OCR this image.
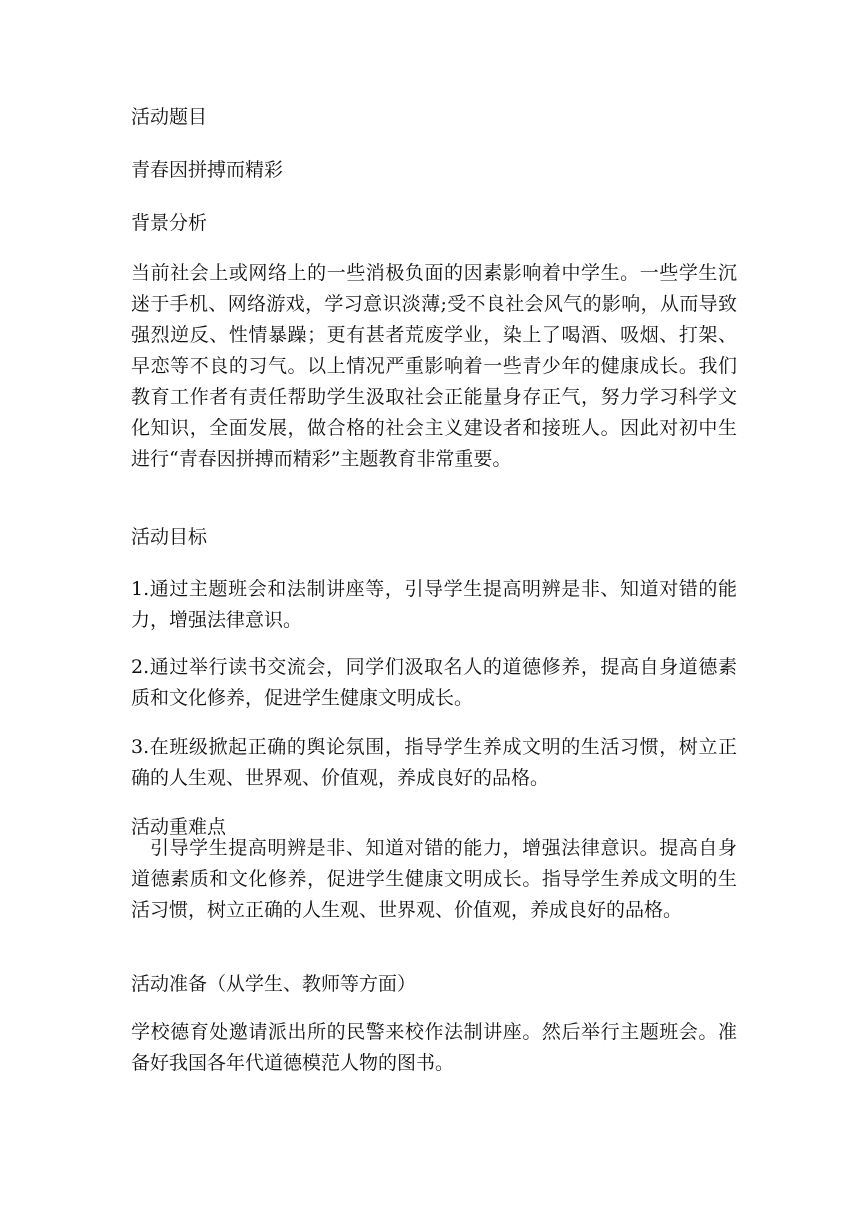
活动题目
青春因拼搏而精彩
背景分析
当前社会上或网络上的一些消极负面的因素影响着中学生。一些学生沉迷于手机、网络游戏，学习意识淡薄;受不良社会风气的影响，从而导致强烈逆反、性情暴躁；更有甚者荒废学业，染上了喝酒、吸烟、打架、早恋等不良的习气。以上情况严重影响着一些青少年的健康成长。我们教育工作者有责任帮助学生汲取社会正能量身存正气，努力学习科学文化知识，全面发展，做合格的社会主义建设者和接班人。因此对初中生进行“青春因拼搏而精彩”主题教育非常重要。
活动目标
1.通过主题班会和法制讲座等，引导学生提高明辨是非、知道对错的能力，增强法律意识。
2.通过举行读书交流会，同学们汲取名人的道德修养，提高自身道德素质和文化修养，促进学生健康文明成长。
3.在班级掀起正确的舆论氛围，指导学生养成文明的生活习惯，树立正确的人生观、世界观、价值观，养成良好的品格。
活动重难点
引导学生提高明辨是非、知道对错的能力，增强法律意识。提高自身道德素质和文化修养，促进学生健康文明成长。指导学生养成文明的生活习惯，树立正确的人生观、世界观、价值观，养成良好的品格。
活动准备（从学生、教师等方面）
学校德育处邀请派出所的民警来校作法制讲座。然后举行主题班会。准备好我国各年代道德模范人物的图书。
